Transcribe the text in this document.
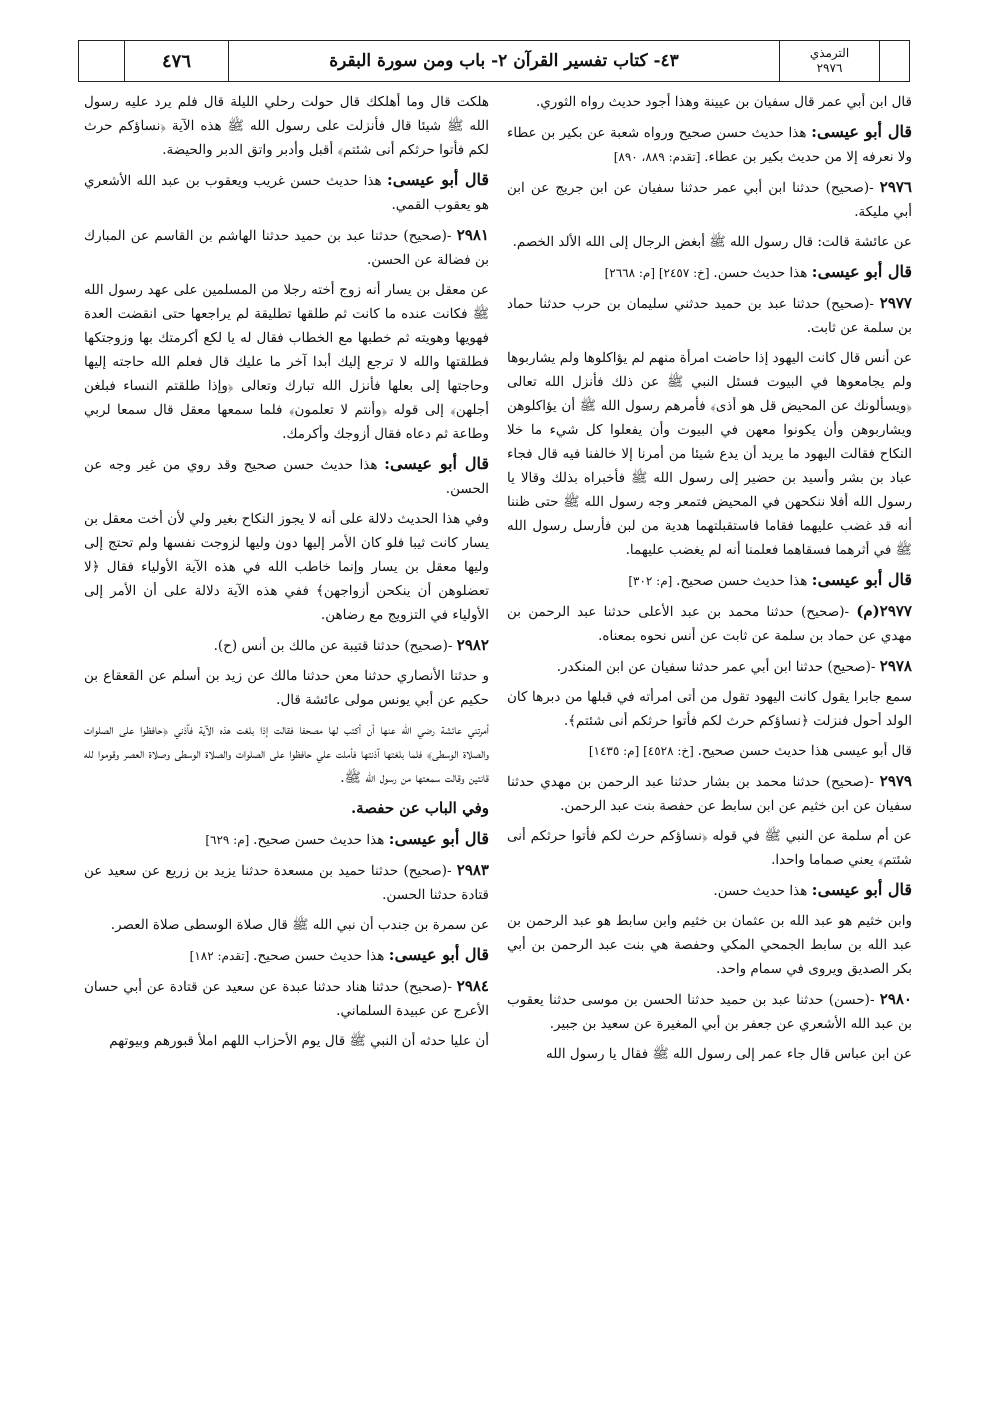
٤٧٦	٤٣- كتاب تفسير القرآن ٢- باب ومن سورة البقرة	الترمذي
٢٩٧٦

قال ابن أبي عمر قال سفيان بن عيينة وهذا أجود حديث رواه الثوري.

قال أبو عيسى: هذا حديث حسن صحيح ورواه شعبة عن بكير بن عطاء ولا نعرفه إلا من حديث بكير بن عطاء. [تقدم: ٨٨٩، ٨٩٠]

٢٩٧٦ -(صحيح) حدثنا ابن أبي عمر حدثنا سفيان عن ابن جريج عن ابن أبي مليكة.

عن عائشة قالت: قال رسول الله ﷺ أبغض الرجال إلى الله الألد الخصم.

قال أبو عيسى: هذا حديث حسن. [خ: ٢٤٥٧] [م: ٢٦٦٨]

٢٩٧٧ -(صحيح) حدثنا عبد بن حميد حدثني سليمان بن حرب حدثنا حماد بن سلمة عن ثابت.

عن أنس قال كانت اليهود إذا حاضت امرأة منهم لم يؤاكلوها ولم يشاربوها ولم يجامعوها في البيوت فسئل النبي ﷺ عن ذلك فأنزل الله تعالى ﴿ويسألونك عن المحيض قل هو أذى﴾ فأمرهم رسول الله ﷺ أن يؤاكلوهن ويشاربوهن وأن يكونوا معهن في البيوت وأن يفعلوا كل شيء ما خلا النكاح فقالت اليهود ما يريد أن يدع شيئا من أمرنا إلا خالفنا فيه قال فجاء عباد بن بشر وأسيد بن حضير إلى رسول الله ﷺ فأخبراه بذلك وقالا يا رسول الله أفلا ننكحهن في المحيض فتمعر وجه رسول الله ﷺ حتى ظننا أنه قد غضب عليهما فقاما فاستقبلتهما هدية من لبن فأرسل رسول الله ﷺ في أثرهما فسقاهما فعلمنا أنه لم يغضب عليهما.

قال أبو عيسى: هذا حديث حسن صحيح. [م: ٣٠٢]

٢٩٧٧(م) -(صحيح) حدثنا محمد بن عبد الأعلى حدثنا عبد الرحمن بن مهدي عن حماد بن سلمة عن ثابت عن أنس نحوه بمعناه.

٢٩٧٨ -(صحيح) حدثنا ابن أبي عمر حدثنا سفيان عن ابن المنكدر.

سمع جابرا يقول كانت اليهود تقول من أتى امرأته في قبلها من دبرها كان الولد أحول فنزلت ﴿نساؤكم حرث لكم فأتوا حرثكم أنى شئتم﴾.

قال أبو عيسى هذا حديث حسن صحيح. [خ: ٤٥٢٨] [م: ١٤٣٥]

٢٩٧٩ -(صحيح) حدثنا محمد بن بشار حدثنا عبد الرحمن بن مهدي حدثنا سفيان عن ابن خثيم عن ابن سابط عن حفصة بنت عبد الرحمن.

عن أم سلمة عن النبي ﷺ في قوله ﴿نساؤكم حرث لكم فأتوا حرثكم أنى شئتم﴾ يعني صماما واحدا.

قال أبو عيسى: هذا حديث حسن.

وابن خثيم هو عبد الله بن عثمان بن خثيم وابن سابط هو عبد الرحمن بن عبد الله بن سابط الجمحي المكي وحفصة هي بنت عبد الرحمن بن أبي بكر الصديق ويروى في سمام واحد.

٢٩٨٠ -(حسن) حدثنا عبد بن حميد حدثنا الحسن بن موسى حدثنا يعقوب بن عبد الله الأشعري عن جعفر بن أبي المغيرة عن سعيد بن جبير.

عن ابن عباس قال جاء عمر إلى رسول الله ﷺ فقال يا رسول الله

هلكت قال وما أهلكك قال حولت رحلي الليلة قال فلم يرد عليه رسول الله ﷺ شيئا قال فأنزلت على رسول الله ﷺ هذه الآية ﴿نساؤكم حرث لكم فأتوا حرثكم أنى شئتم﴾ أقبل وأدبر واتق الدبر والحيضة.

قال أبو عيسى: هذا حديث حسن غريب ويعقوب بن عبد الله الأشعري هو يعقوب القمي.

٢٩٨١ -(صحيح) حدثنا عبد بن حميد حدثنا الهاشم بن القاسم عن المبارك بن فضالة عن الحسن.

عن معقل بن يسار أنه زوج أخته رجلا من المسلمين على عهد رسول الله ﷺ فكانت عنده ما كانت ثم طلقها تطليقة لم يراجعها حتى انقضت العدة فهويها وهويته ثم خطبها مع الخطاب فقال له يا لكع أكرمتك بها وزوجتكها فطلقتها والله لا ترجع إليك أبدا آخر ما عليك قال فعلم الله حاجته إليها وحاجتها إلى بعلها فأنزل الله تبارك وتعالى ﴿وإذا طلقتم النساء فبلغن أجلهن﴾ إلى قوله ﴿وأنتم لا تعلمون﴾ فلما سمعها معقل قال سمعا لربي وطاعة ثم دعاه فقال أزوجك وأكرمك.

قال أبو عيسى: هذا حديث حسن صحيح وقد روي من غير وجه عن الحسن.

وفي هذا الحديث دلالة على أنه لا يجوز النكاح بغير ولي لأن أخت معقل بن يسار كانت ثيبا فلو كان الأمر إليها دون وليها لزوجت نفسها ولم تحتج إلى وليها معقل بن يسار وإنما خاطب الله في هذه الآية الأولياء فقال ﴿لا تعضلوهن أن ينكحن أزواجهن﴾ ففي هذه الآية دلالة على أن الأمر إلى الأولياء في التزويج مع رضاهن.

٢٩٨٢ -(صحيح) حدثنا قتيبة عن مالك بن أنس (ح).

و حدثنا الأنصاري حدثنا معن حدثنا مالك عن زيد بن أسلم عن القعقاع بن حكيم عن أبي يونس مولى عائشة قال.

أمرتني عائشة رضي الله عنها أن أكتب لها مصحفا فقالت إذا بلغت هذه الآية فآذني ﴿حافظوا على الصلوات والصلاة الوسطى﴾ فلما بلغتها آذنتها فأملت علي حافظوا على الصلوات والصلاة الوسطى وصلاة العصر وقوموا لله قانتين وقالت سمعتها من رسول الله ﷺ.

وفي الباب عن حفصة.

قال أبو عيسى: هذا حديث حسن صحيح. [م: ٦٢٩]

٢٩٨٣ -(صحيح) حدثنا حميد بن مسعدة حدثنا يزيد بن زريع عن سعيد عن قتادة حدثنا الحسن.

عن سمرة بن جندب أن نبي الله ﷺ قال صلاة الوسطى صلاة العصر.

قال أبو عيسى: هذا حديث حسن صحيح. [تقدم: ١٨٢]

٢٩٨٤ -(صحيح) حدثنا هناد حدثنا عبدة عن سعيد عن قتادة عن أبي حسان الأعرج عن عبيدة السلماني.

أن عليا حدثه أن النبي ﷺ قال يوم الأحزاب اللهم املأ قبورهم وبيوتهم
